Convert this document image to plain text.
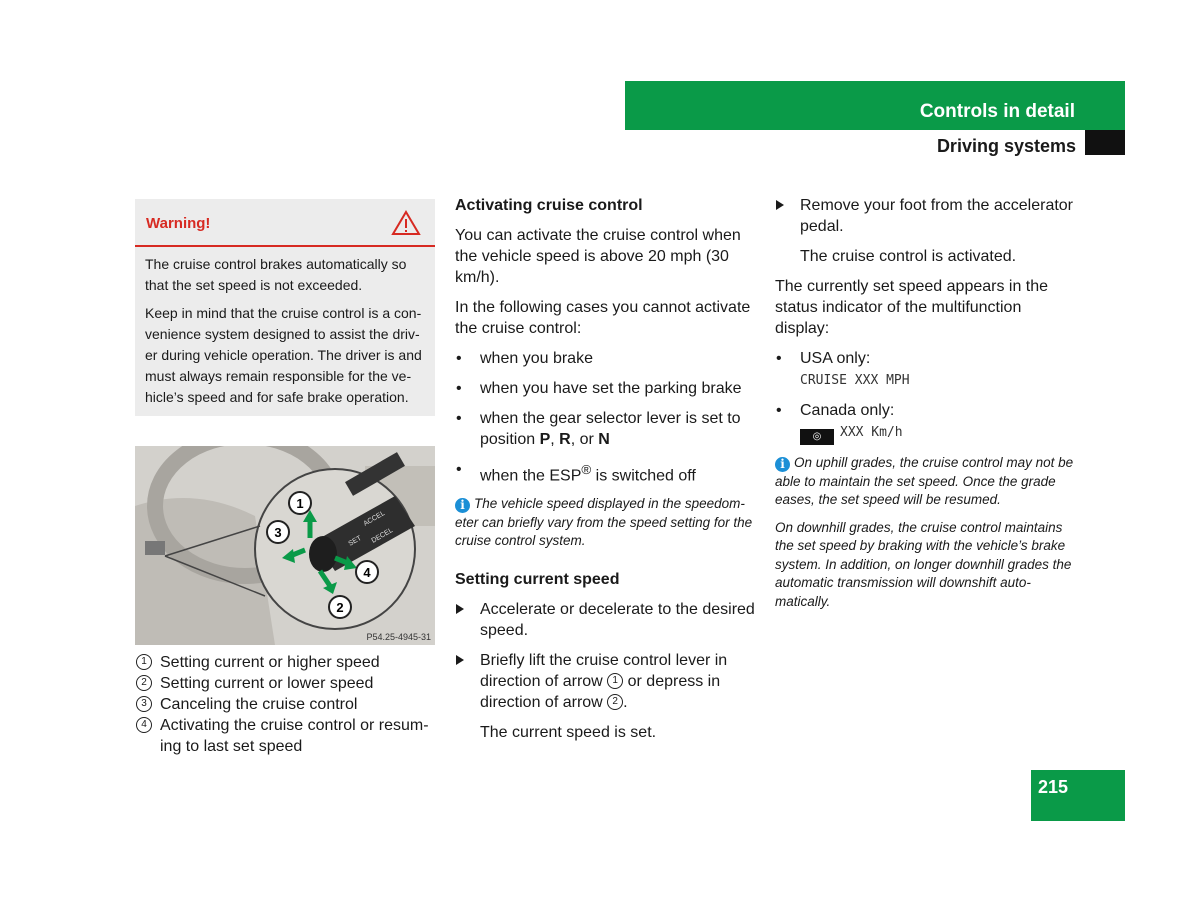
Controls in detail
Driving systems
Warning!

The cruise control brakes automatically so that the set speed is not exceeded.

Keep in mind that the cruise control is a convenience system designed to assist the driver during vehicle operation. The driver is and must always remain responsible for the vehicle’s speed and for safe brake operation.

ACCEL
SET DECEL
1
2
3
4
P54.25-4945-31
1 Setting current or higher speed
2 Setting current or lower speed
3 Canceling the cruise control
4 Activating the cruise control or resuming to last set speed
Activating cruise control
You can activate the cruise control when the vehicle speed is above 20 mph (30 km/h).
In the following cases you cannot activate the cruise control:
• when you brake
• when you have set the parking brake
• when the gear selector lever is set to position P, R, or N
• when the ESP® is switched off
i The vehicle speed displayed in the speedometer can briefly vary from the speed setting for the cruise control system.
Setting current speed
Accelerate or decelerate to the desired speed.
Briefly lift the cruise control lever in direction of arrow 1 or depress in direction of arrow 2 .
The current speed is set.
Remove your foot from the accelerator pedal.
The cruise control is activated.
The currently set speed appears in the status indicator of the multifunction display:
• USA only:
CRUISE XXX MPH
• Canada only:
◎ XXX Km/h
i On uphill grades, the cruise control may not be able to maintain the set speed. Once the grade eases, the set speed will be resumed.
On downhill grades, the cruise control maintains the set speed by braking with the vehicle’s brake system. In addition, on longer downhill grades the automatic transmission will downshift automatically.
215
